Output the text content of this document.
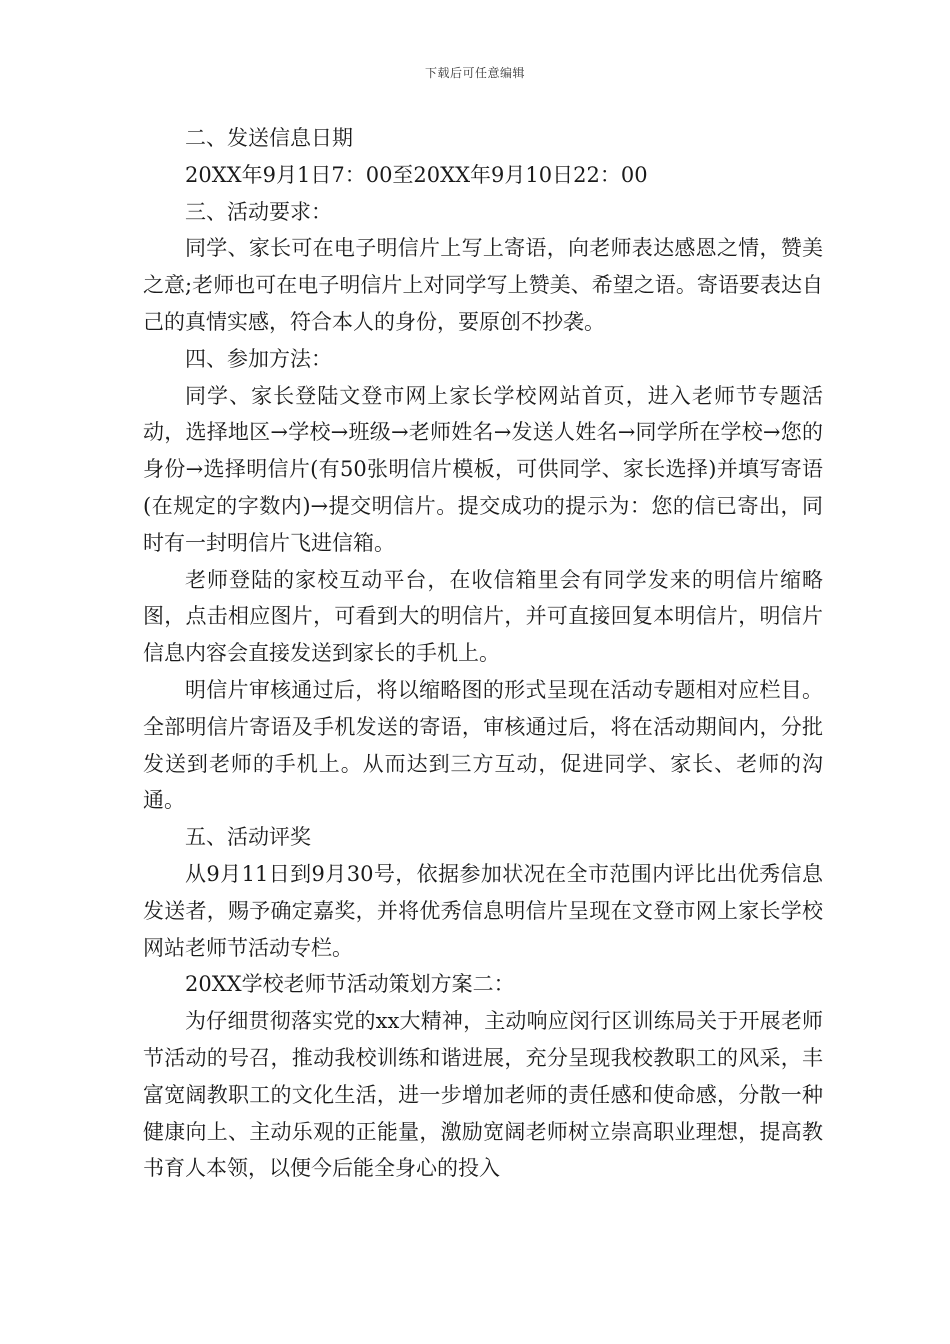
下载后可任意编辑

二、发送信息日期

20XX年9月1日7：00至20XX年9月10日22：00

三、活动要求：

同学、家长可在电子明信片上写上寄语，向老师表达感恩之情，赞美之意;老师也可在电子明信片上对同学写上赞美、希望之语。寄语要表达自己的真情实感，符合本人的身份，要原创不抄袭。

四、参加方法：

同学、家长登陆文登市网上家长学校网站首页，进入老师节专题活动，选择地区→学校→班级→老师姓名→发送人姓名→同学所在学校→您的身份→选择明信片(有50张明信片模板，可供同学、家长选择)并填写寄语(在规定的字数内)→提交明信片。提交成功的提示为：您的信已寄出，同时有一封明信片飞进信箱。

老师登陆的家校互动平台，在收信箱里会有同学发来的明信片缩略图，点击相应图片，可看到大的明信片，并可直接回复本明信片，明信片信息内容会直接发送到家长的手机上。

明信片审核通过后，将以缩略图的形式呈现在活动专题相对应栏目。全部明信片寄语及手机发送的寄语，审核通过后，将在活动期间内，分批发送到老师的手机上。从而达到三方互动，促进同学、家长、老师的沟通。

五、活动评奖

从9月11日到9月30号，依据参加状况在全市范围内评比出优秀信息发送者，赐予确定嘉奖，并将优秀信息明信片呈现在文登市网上家长学校网站老师节活动专栏。

20XX学校老师节活动策划方案二：

为仔细贯彻落实党的xx大精神，主动响应闵行区训练局关于开展老师节活动的号召，推动我校训练和谐进展，充分呈现我校教职工的风采，丰富宽阔教职工的文化生活，进一步增加老师的责任感和使命感，分散一种健康向上、主动乐观的正能量，激励宽阔老师树立崇高职业理想，提高教书育人本领，以便今后能全身心的投入
